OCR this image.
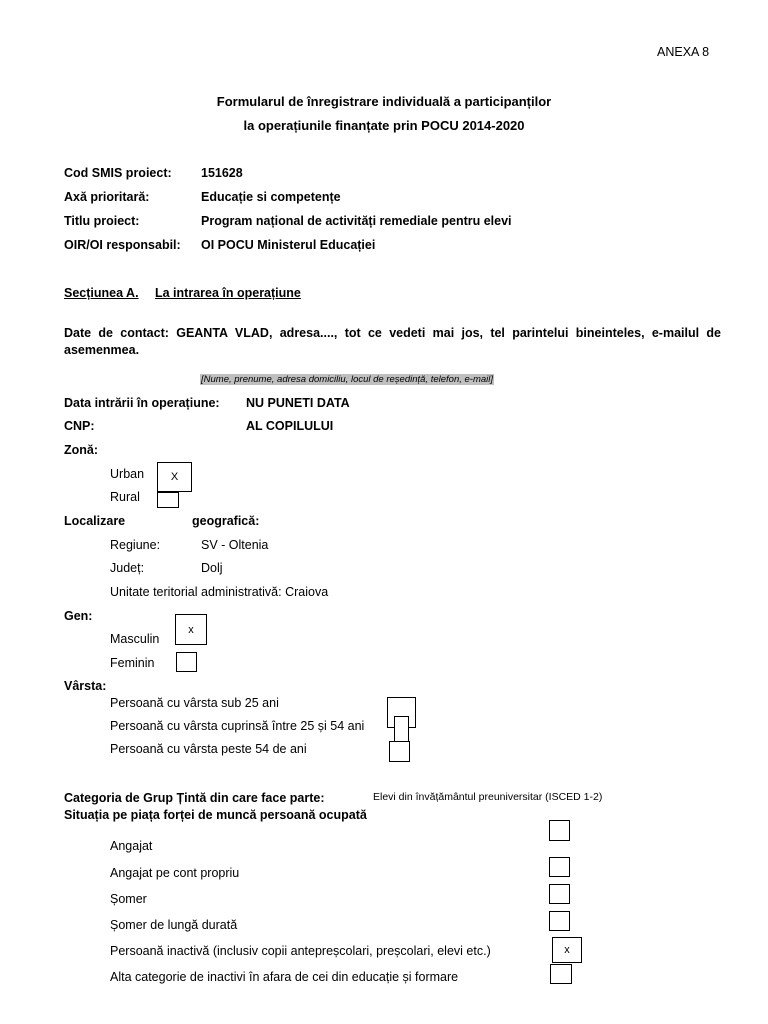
ANEXA 8
Formularul de înregistrare individuală a participanților
la operațiunile finanțate prin POCU 2014-2020
Cod SMIS proiect: 151628
Axă prioritară:	Educație si competențe
Titlu proiect:	Program național de activități remediale pentru elevi
OIR/OI responsabil: OI POCU Ministerul Educației
Secțiunea A. La intrarea în operațiune
Date de contact: GEANTA VLAD, adresa...., tot ce vedeti mai jos, tel parintelui bineinteles, e-mailul de asemenmea.
[Nume, prenume, adresa domiciliu, locul de reședință, telefon, e-mail]
Data intrării în operațiune: NU PUNETI DATA
CNP:	AL COPILULUI
Zonă:
Urban	X
Rural
Localizare	geografică:
Regiune:	SV - Oltenia
Județ:	Dolj
Unitate teritorial administrativă: Craiova
Gen:
Masculin
x
Feminin
Vârsta:
Persoană cu vârsta sub 25 ani
Persoană cu vârsta cuprinsă între 25 și 54 ani
Persoană cu vârsta peste 54 de ani
Categoria de Grup Țintă din care face parte:	Elevi din învățământul preuniversitar (ISCED 1-2)
Situația pe piața forței de muncă persoană ocupată
Angajat
Angajat pe cont propriu
Șomer
Șomer de lungă durată
Persoană inactivă (inclusiv copii antepreșcolari, preșcolari, elevi etc.)	x
Alta categorie de inactivi în afara de cei din educație și formare
